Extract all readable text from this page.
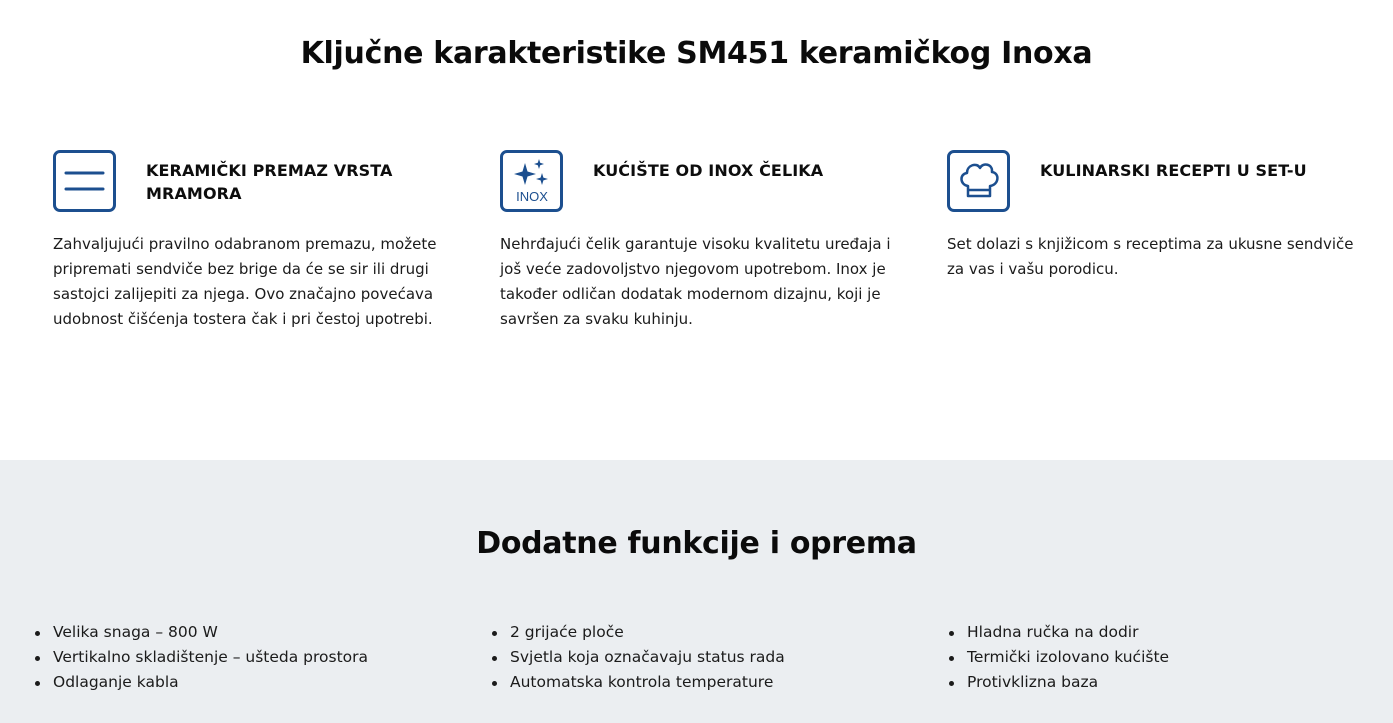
Ključne karakteristike SM451 keramičkog Inoxa
KERAMIČKI PREMAZ VRSTA MRAMORA

Zahvaljujući pravilno odabranom premazu, možete pripremati sendviče bez brige da će se sir ili drugi sastojci zalijepiti za njega. Ovo značajno povećava udobnost čišćenja tostera čak i pri čestoj upotrebi.

INOX
KUĆIŠTE OD INOX ČELIKA

Nehrđajući čelik garantuje visoku kvalitetu uređaja i još veće zadovoljstvo njegovom upotrebom. Inox je također odličan dodatak modernom dizajnu, koji je savršen za svaku kuhinju.

KULINARSKI RECEPTI U SET-U

Set dolazi s knjižicom s receptima za ukusne sendviče za vas i vašu porodicu.

Dodatne funkcije i oprema
Velika snaga – 800 W
Vertikalno skladištenje – ušteda prostora
Odlaganje kabla
2 grijaće ploče
Svjetla koja označavaju status rada
Automatska kontrola temperature
Hladna ručka na dodir
Termički izolovano kućište
Protivklizna baza
